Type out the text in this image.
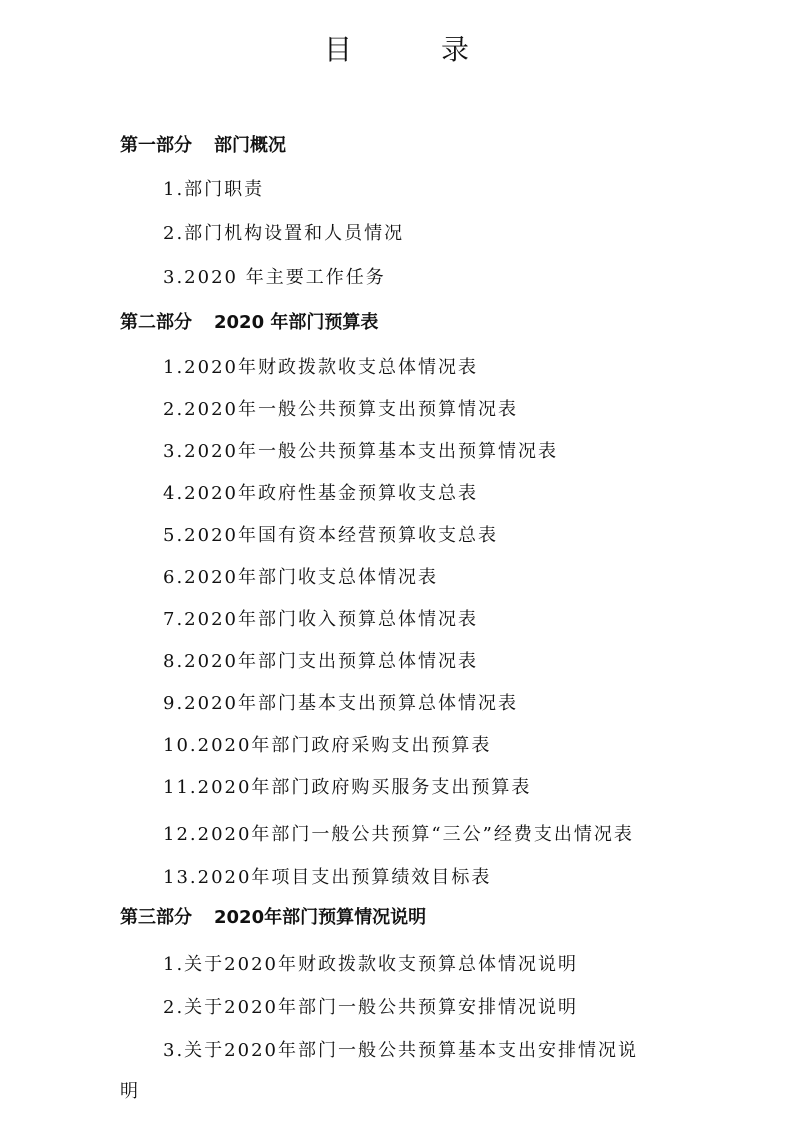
目 录
第一部分 部门概况
1.部门职责
2.部门机构设置和人员情况
3.2020 年主要工作任务
第二部分 2020 年部门预算表
1.2020年财政拨款收支总体情况表
2.2020年一般公共预算支出预算情况表
3.2020年一般公共预算基本支出预算情况表
4.2020年政府性基金预算收支总表
5.2020年国有资本经营预算收支总表
6.2020年部门收支总体情况表
7.2020年部门收入预算总体情况表
8.2020年部门支出预算总体情况表
9.2020年部门基本支出预算总体情况表
10.2020年部门政府采购支出预算表
11.2020年部门政府购买服务支出预算表
12.2020年部门一般公共预算“三公”经费支出情况表
13.2020年项目支出预算绩效目标表
第三部分 2020年部门预算情况说明
1.关于2020年财政拨款收支预算总体情况说明
2.关于2020年部门一般公共预算安排情况说明
3.关于2020年部门一般公共预算基本支出安排情况说
明
